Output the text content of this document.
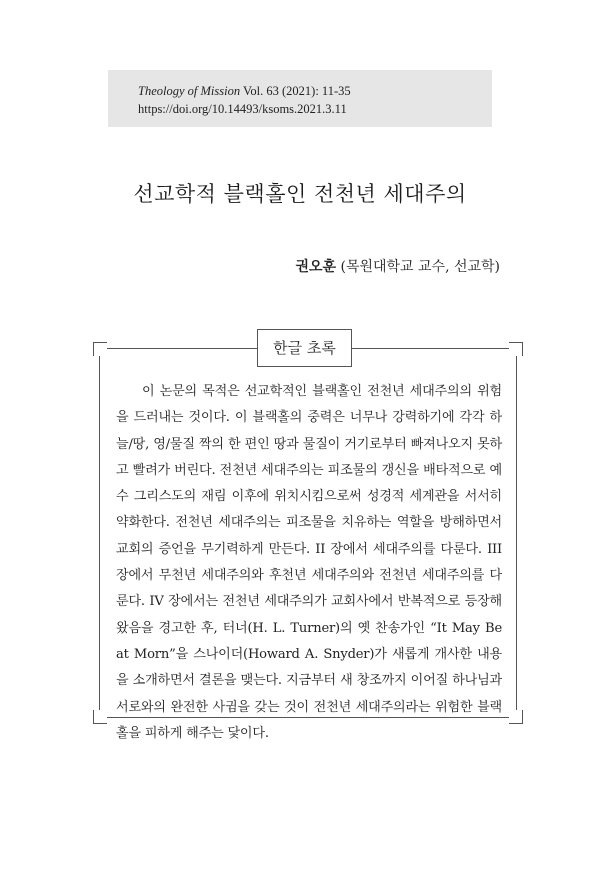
Theology of Mission Vol. 63 (2021): 11-35
https://doi.org/10.14493/ksoms.2021.3.11
선교학적 블랙홀인 전천년 세대주의
권오훈 (목원대학교 교수, 선교학)
한글 초록

이 논문의 목적은 선교학적인 블랙홀인 전천년 세대주의의 위험을 드러내는 것이다. 이 블랙홀의 중력은 너무나 강력하기에 각각 하늘/땅, 영/물질 짝의 한 편인 땅과 물질이 거기로부터 빠져나오지 못하고 빨려가 버린다. 전천년 세대주의는 피조물의 갱신을 배타적으로 예수 그리스도의 재림 이후에 위치시킴으로써 성경적 세계관을 서서히 약화한다. 전천년 세대주의는 피조물을 치유하는 역할을 방해하면서 교회의 증언을 무기력하게 만든다. II 장에서 세대주의를 다룬다. III 장에서 무천년 세대주의와 후천년 세대주의와 전천년 세대주의를 다룬다. IV 장에서는 전천년 세대주의가 교회사에서 반복적으로 등장해왔음을 경고한 후, 터너(H. L. Turner)의 옛 찬송가인 “It May Be at Morn”을 스나이더(Howard A. Snyder)가 새롭게 개사한 내용을 소개하면서 결론을 맺는다. 지금부터 새 창조까지 이어질 하나님과 서로와의 완전한 사귐을 갖는 것이 전천년 세대주의라는 위험한 블랙홀을 피하게 해주는 닻이다.
